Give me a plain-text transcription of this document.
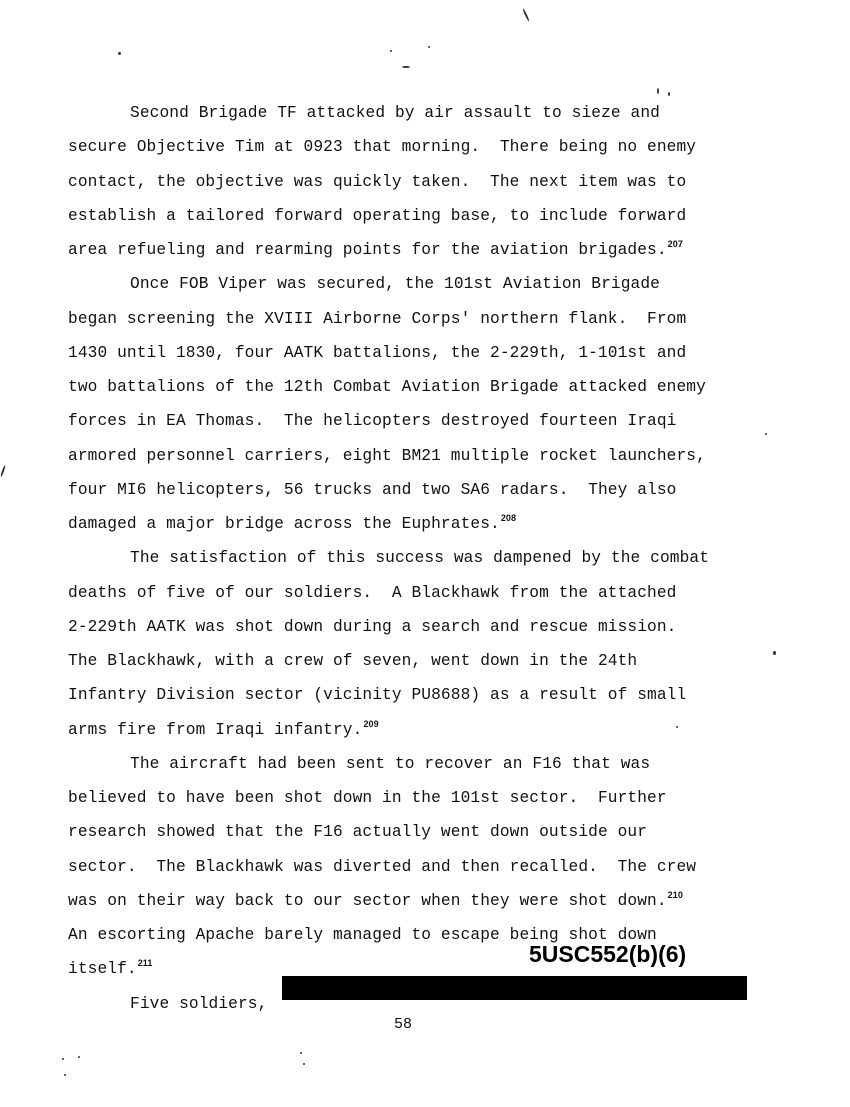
Second Brigade TF attacked by air assault to sieze and
secure Objective Tim at 0923 that morning.  There being no enemy
contact, the objective was quickly taken.  The next item was to
establish a tailored forward operating base, to include forward
area refueling and rearming points for the aviation brigades.$^{207}$
Once FOB Viper was secured, the 101st Aviation Brigade
began screening the XVIII Airborne Corps' northern flank.  From
1430 until 1830, four AATK battalions, the 2-229th, 1-101st and
two battalions of the 12th Combat Aviation Brigade attacked enemy
forces in EA Thomas.  The helicopters destroyed fourteen Iraqi
armored personnel carriers, eight BM21 multiple rocket launchers,
four MI6 helicopters, 56 trucks and two SA6 radars.  They also
damaged a major bridge across the Euphrates.$^{208}$
The satisfaction of this success was dampened by the combat
deaths of five of our soldiers.  A Blackhawk from the attached
2-229th AATK was shot down during a search and rescue mission.
The Blackhawk, with a crew of seven, went down in the 24th
Infantry Division sector (vicinity PU8688) as a result of small
arms fire from Iraqi infantry.$^{209}$
The aircraft had been sent to recover an F16 that was
believed to have been shot down in the 101st sector.  Further
research showed that the F16 actually went down outside our
sector.  The Blackhawk was diverted and then recalled.  The crew
was on their way back to our sector when they were shot down.$^{210}$
An escorting Apache barely managed to escape being shot down
itself.$^{211}$
Five soldiers,
5USC552(b)(6)
58
